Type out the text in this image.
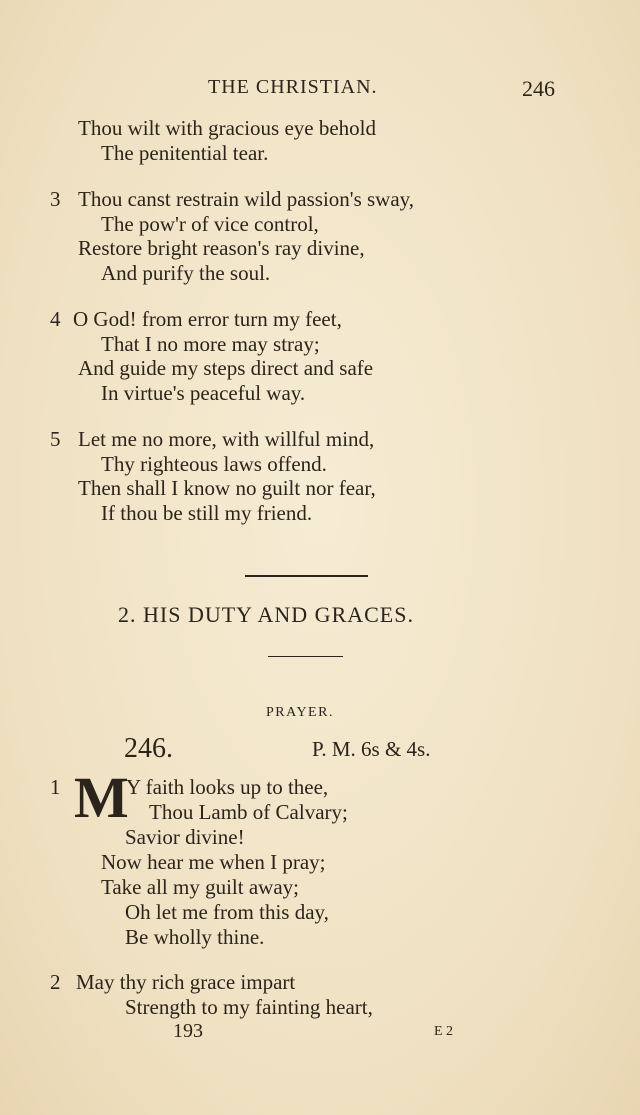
THE CHRISTIAN.	246
Thou wilt with gracious eye behold
The penitential tear.
3 Thou canst restrain wild passion's sway,
The pow'r of vice control,
Restore bright reason's ray divine,
And purify the soul.
4 O God! from error turn my feet,
That I no more may stray;
And guide my steps direct and safe
In virtue's peaceful way.
5 Let me no more, with willful mind,
Thy righteous laws offend.
Then shall I know no guilt nor fear,
If thou be still my friend.
2. HIS DUTY AND GRACES.
PRAYER.
246.	P. M. 6s & 4s.
1 M
Y faith looks up to thee,
Thou Lamb of Calvary;
Savior divine!
Now hear me when I pray;
Take all my guilt away;
Oh let me from this day,
Be wholly thine.
2 May thy rich grace impart
Strength to my fainting heart,
193	E 2
